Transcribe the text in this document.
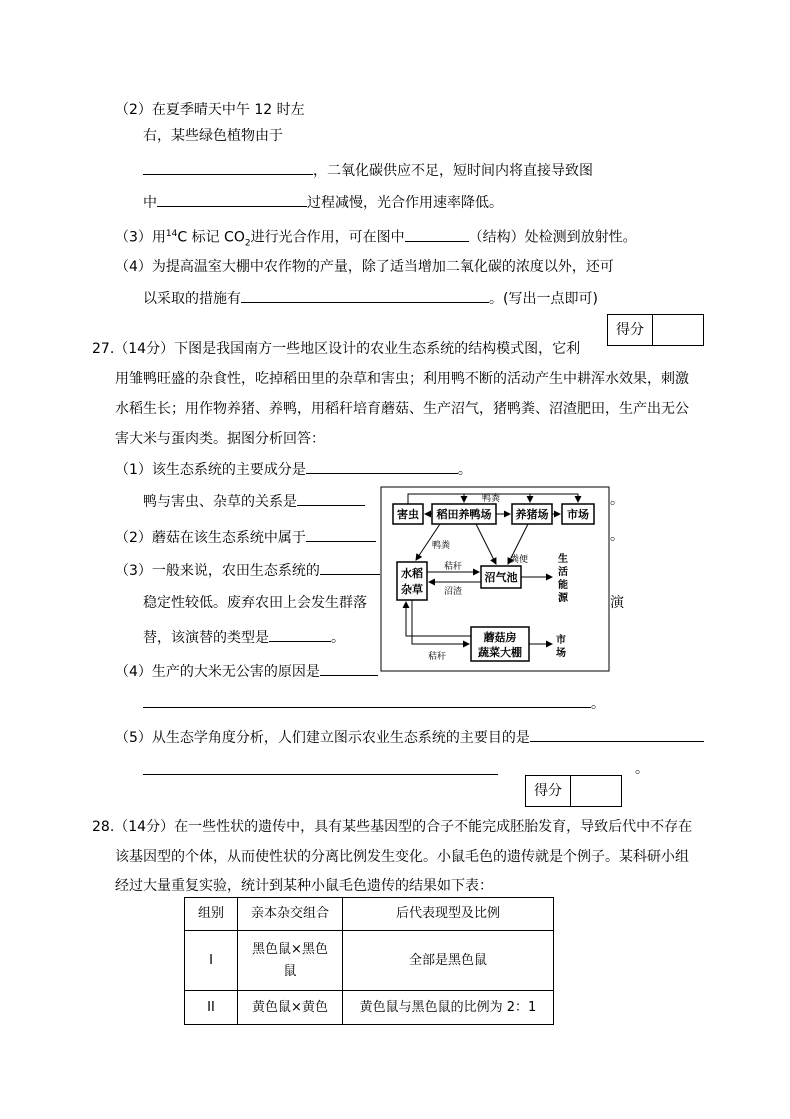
（2）在夏季晴天中午 12 时左
右，某些绿色植物由于
，二氧化碳供应不足，短时间内将直接导致图
中	过程减慢，光合作用速率降低。
（3）用$^{14}$C 标记 $CO_2$进行光合作用，可在图中	（结构）处检测到放射性。
（4）为提高温室大棚中农作物的产量，除了适当增加二氧化碳的浓度以外，还可
以采取的措施有	。(写出一点即可)
得分
27.（14分）下图是我国南方一些地区设计的农业生态系统的结构模式图，它利
用雏鸭旺盛的杂食性，吃掉稻田里的杂草和害虫；利用鸭不断的活动产生中耕浑水效果，刺激
水稻生长；用作物养猪、养鸭，用稻秆培育蘑菇、生产沼气，猪鸭粪、沼渣肥田，生产出无公
害大米与蛋肉类。据图分析回答：
（1）该生态系统的主要成分是	。
鸭与害虫、杂草的关系是	。
（2）蘑菇在该生态系统中属于	。
（3）一般来说，农田生态系统的
稳定性较低。废弃农田上会发生群落	演
替，该演替的类型是	。
（4）生产的大米无公害的原因是
。
（5）从生态学角度分析，人们建立图示农业生态系统的主要目的是
。
得分
害虫 稻田养鸭场 养猪场 市场
水稻
杂草
沼气池
蘑菇房
蔬菜大棚
鸭粪
鸭粪
粪便
秸秆
沼渣
秸秆
生
活
能
源
市
场
28.（14分）在一些性状的遗传中，具有某些基因型的合子不能完成胚胎发育，导致后代中不存在
该基因型的个体，从而使性状的分离比例发生变化。小鼠毛色的遗传就是个例子。某科研小组
经过大量重复实验，统计到某种小鼠毛色遗传的结果如下表：
组别	亲本杂交组合	后代表现型及比例
I	黑色鼠×黑色
鼠	全部是黑色鼠
II	黄色鼠×黄色	黄色鼠与黑色鼠的比例为 2：1
